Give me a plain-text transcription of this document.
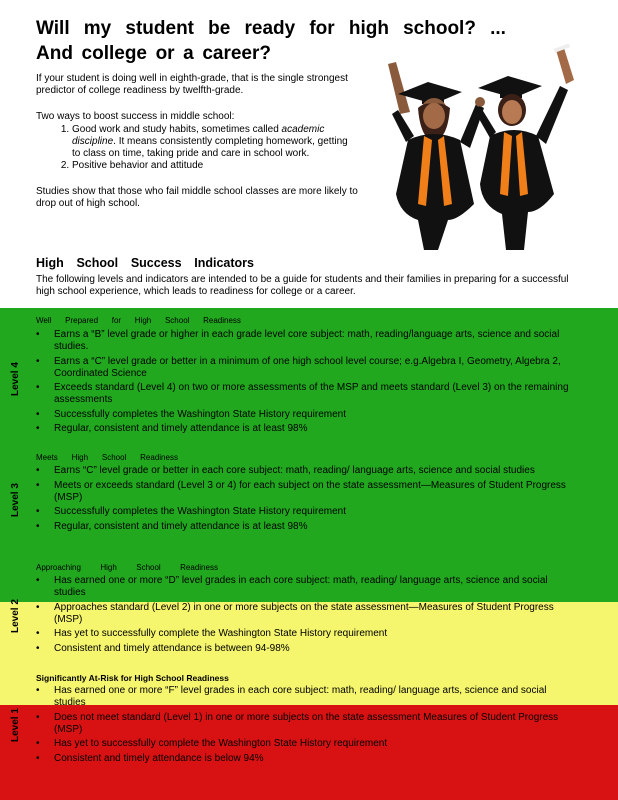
Will my student be ready for high school? ...
And college or a career?

If your student is doing well in eighth-grade, that is the single strongest predictor of college readiness by twelfth-grade.

Two ways to boost success in middle school:

1. Good work and study habits, sometimes called academic discipline. It means consistently completing homework, getting to class on time, taking pride and care in school work.
2. Positive behavior and attitude

Studies show that those who fail middle school classes are more likely to drop out of high school.

High School Success Indicators
The following levels and indicators are intended to be a guide for students and their families in preparing for a successful high school experience, which leads to readiness for college or a career.
Well Prepared for High School Readiness
Level 4
• Earns a “B” level grade or higher in each grade level core subject: math, reading/language arts, science and social studies.
• Earns a “C” level grade or better in a minimum of one high school level course; e.g.Algebra I, Geometry, Algebra 2, Coordinated Science
• Exceeds standard (Level 4) on two or more assessments of the MSP and meets standard (Level 3) on the remaining assessments
• Successfully completes the Washington State History requirement
• Regular, consistent and timely attendance is at least 98%
Meets High School Readiness
Level 3
• Earns “C” level grade or better in each core subject: math, reading/ language arts, science and social studies
• Meets or exceeds standard (Level 3 or 4) for each subject on the state assessment—Measures of Student Progress (MSP)
• Successfully completes the Washington State History requirement
• Regular, consistent and timely attendance is at least 98%
Approaching High School Readiness
Level 2
• Has earned one or more “D” level grades in each core subject: math, reading/ language arts, science and social studies
• Approaches standard (Level 2) in one or more subjects on the state assessment—Measures of Student Progress (MSP)
• Has yet to successfully complete the Washington State History requirement
• Consistent and timely attendance is between 94-98%
Significantly At-Risk for High School Readiness
Level 1
• Has earned one or more “F” level grades in each core subject: math, reading/ language arts, science and social studies
• Does not meet standard (Level 1) in one or more subjects on the state assessment Measures of Student Progress (MSP)
• Has yet to successfully complete the Washington State History requirement
• Consistent and timely attendance is below 94%
